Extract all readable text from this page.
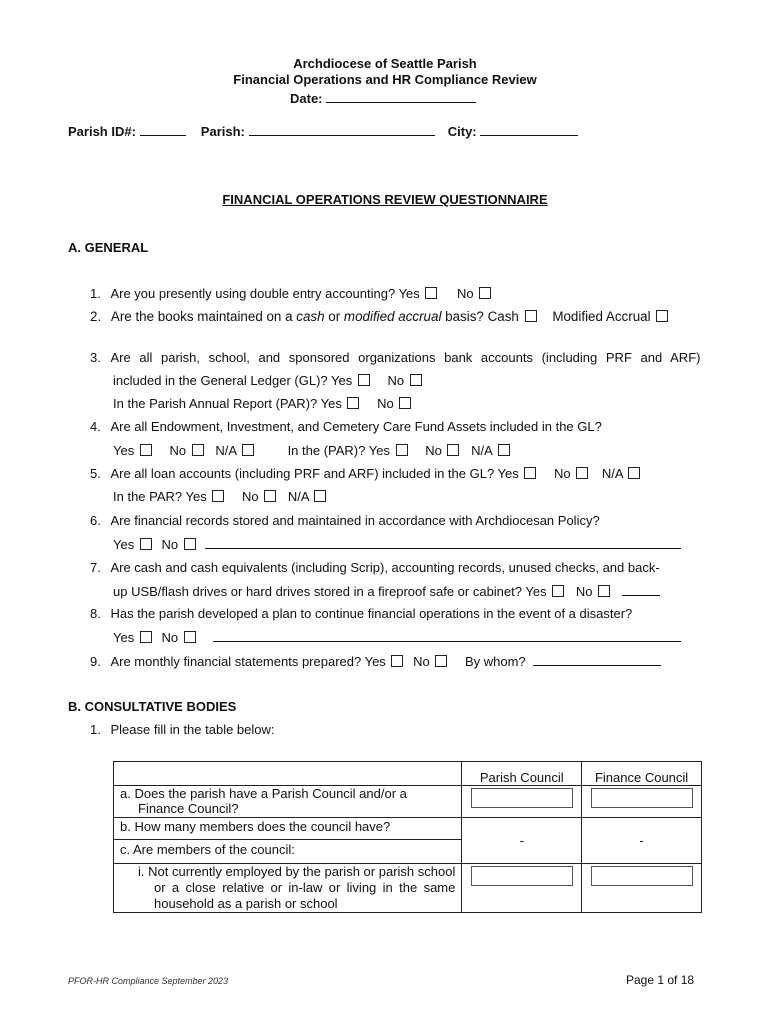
Archdiocese of Seattle Parish
Financial Operations and HR Compliance Review
Date:
Parish ID#:	Parish:	City:
FINANCIAL OPERATIONS REVIEW QUESTIONNAIRE
A. GENERAL
1. Are you presently using double entry accounting? Yes	No
2. Are the books maintained on a cash or modified accrual basis? Cash Modified Accrual
3. Are all parish, school, and sponsored organizations bank accounts (including PRF and ARF)
included in the General Ledger (GL)? Yes	No
In the Parish Annual Report (PAR)? Yes	No
4. Are all Endowment, Investment, and Cemetery Care Fund Assets included in the GL?
Yes	No N/A	In the (PAR)? Yes	No N/A
5. Are all loan accounts (including PRF and ARF) included in the GL? Yes	No N/A
In the PAR? Yes	No N/A
6. Are financial records stored and maintained in accordance with Archdiocesan Policy?
Yes No
7. Are cash and cash equivalents (including Scrip), accounting records, unused checks, and back-
up USB/flash drives or hard drives stored in a fireproof safe or cabinet? Yes No
8. Has the parish developed a plan to continue financial operations in the event of a disaster?
Yes No
9. Are monthly financial statements prepared? Yes No	By whom?
B. CONSULTATIVE BODIES
1. Please fill in the table below:
	Parish Council	Finance Council
a. Does the parish have a Parish Council and/or a Finance Council?	

b. How many members does the council have?	-	-
c. Are members of the council:		
i. Not currently employed by the parish or parish school or a close relative or in-law or living in the same household as a parish or school	

PFOR-HR Compliance September 2023	Page 1 of 18
